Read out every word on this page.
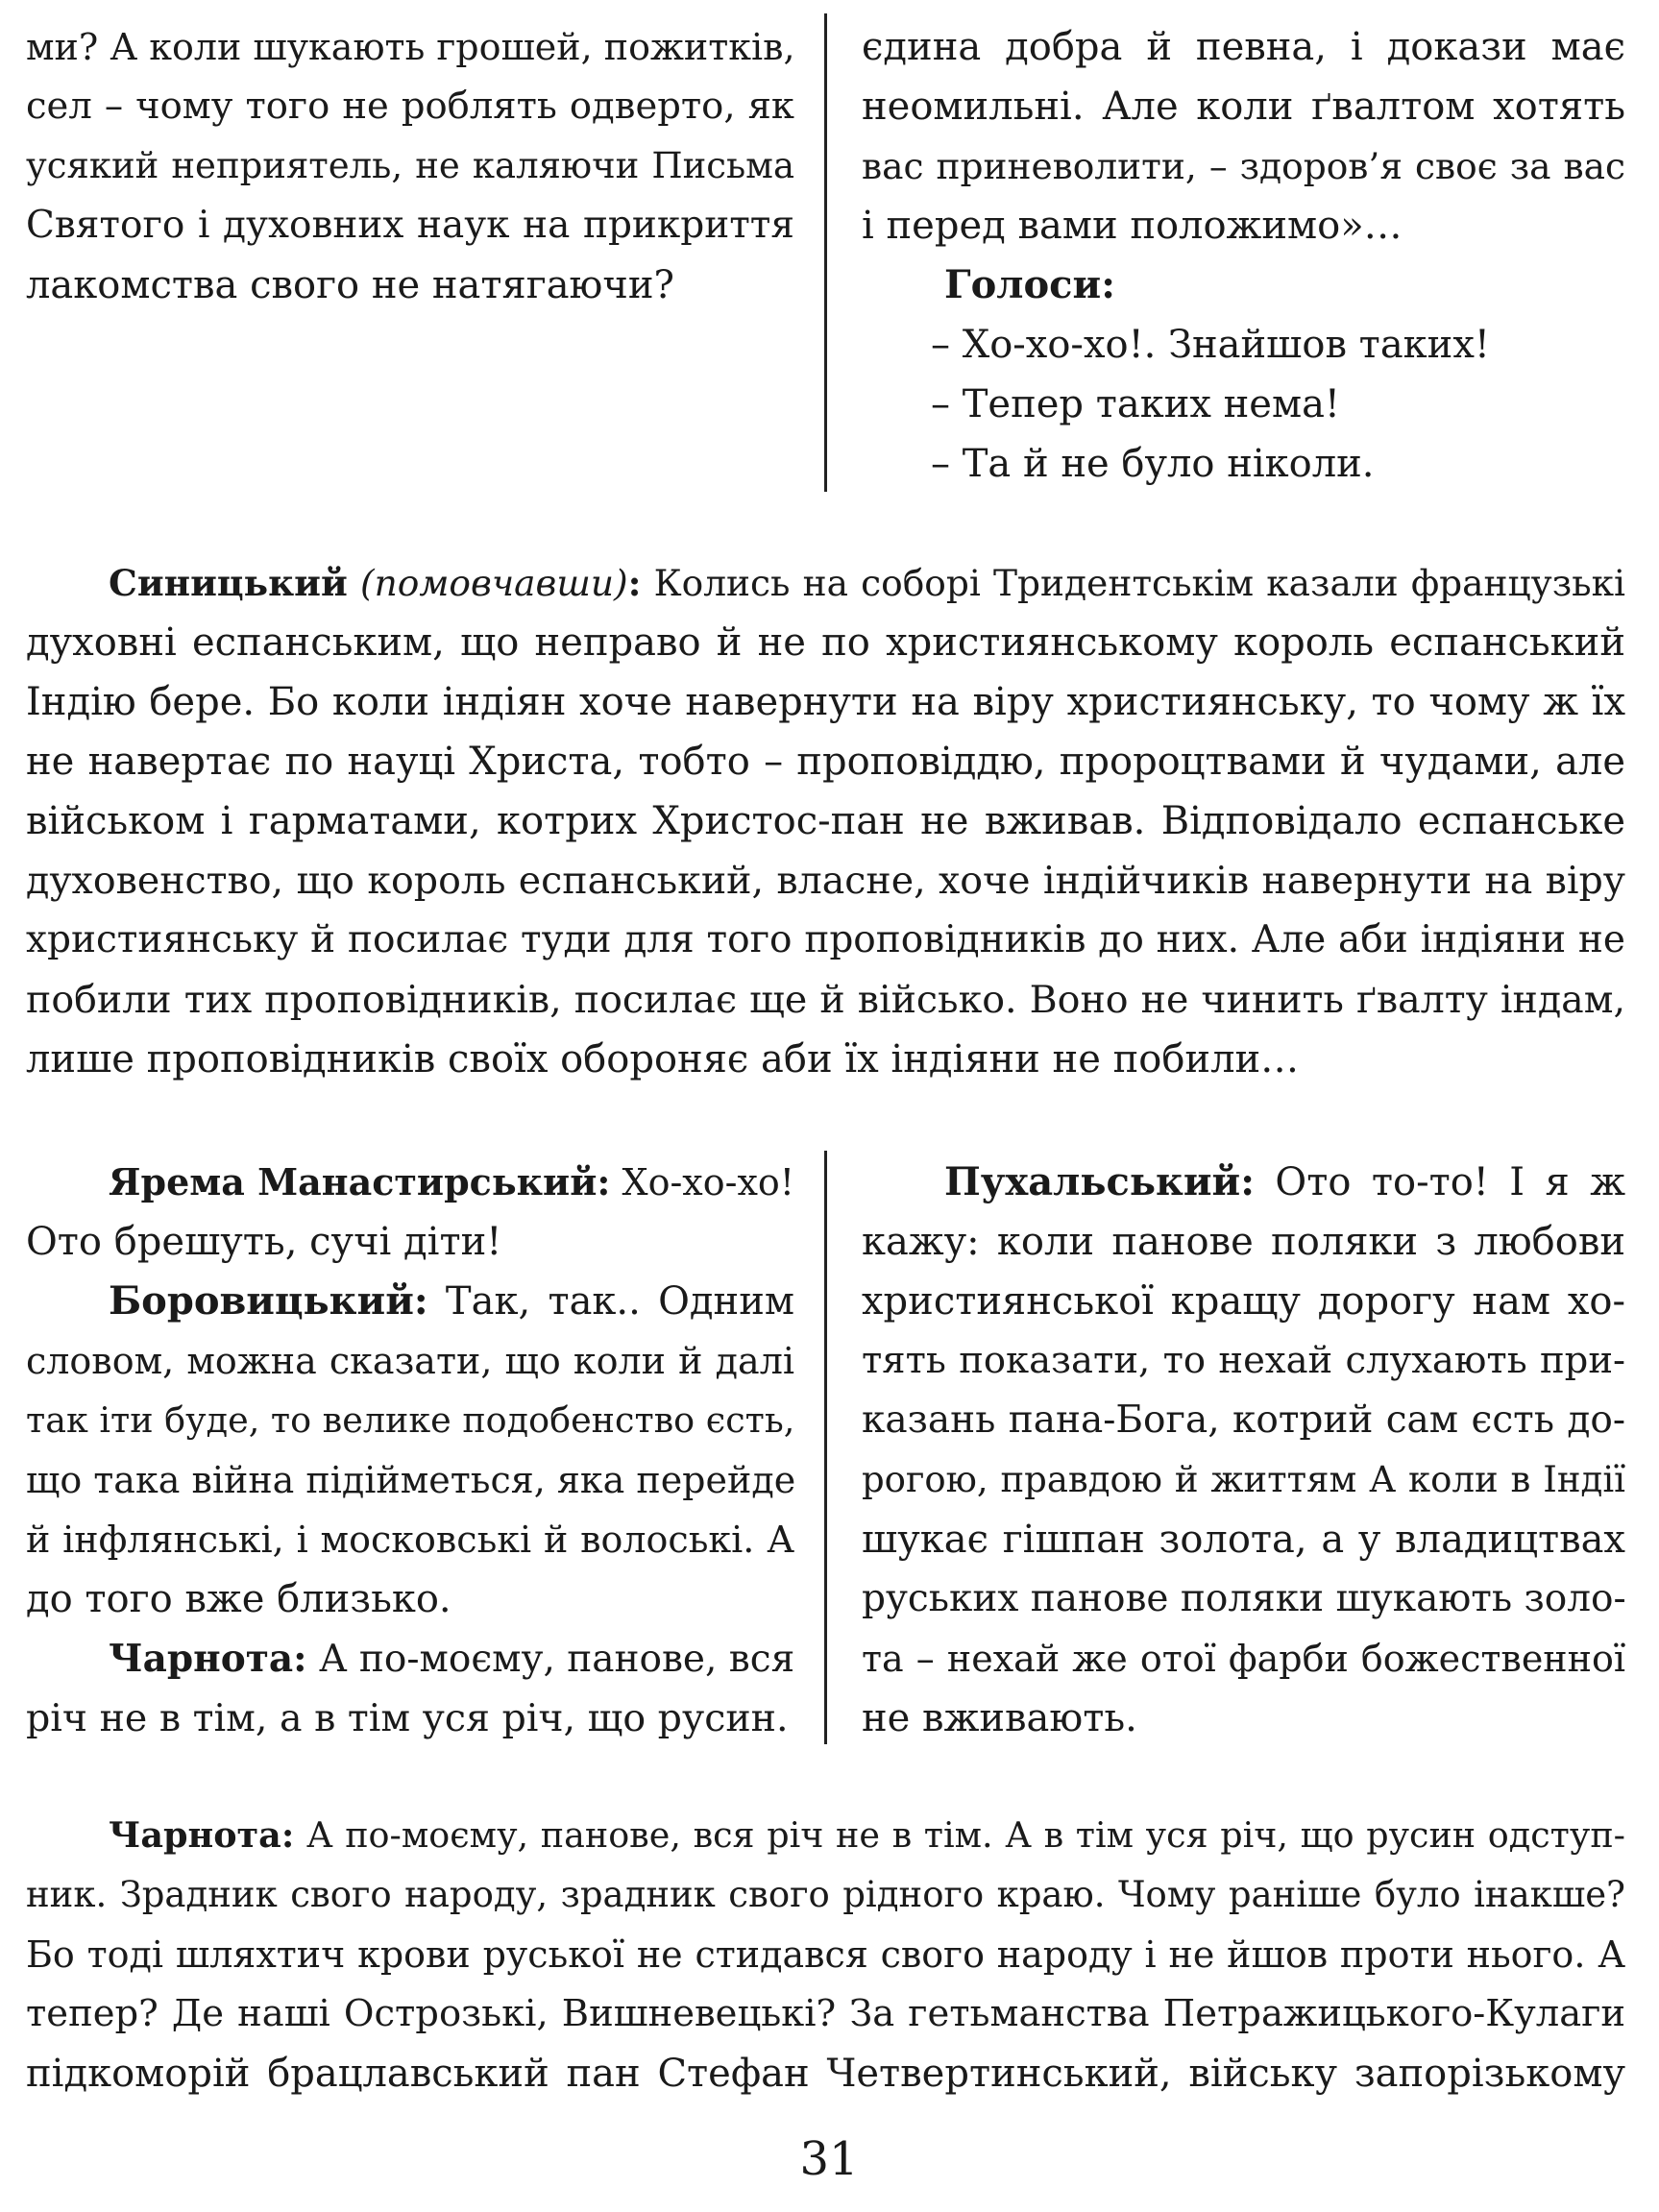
ми? А коли шукають грошей, пожитків,
сел – чому того не роблять одверто, як
усякий неприятель, не каляючи Письма
Святого і духовних наук на прикриття
лакомства свого не натягаючи?
єдина добра й певна, і докази має
неомильні. Але коли ґвалтом хотять
вас приневолити, – здоров’я своє за вас
і перед вами положимо»…
Голоси:
– Хо-хо-хо!. Знайшов таких!
– Тепер таких нема!
– Та й не було ніколи.
Синицький (помовчавши): Колись на соборі Тридентськім казали французькі
духовні еспанським, що неправо й не по християнському король еспанський
Індію бере. Бо коли індіян хоче навернути на віру християнську, то чому ж їх
не навертає по науці Христа, тобто – проповіддю, пророцтвами й чудами, але
військом і гарматами, котрих Христос-пан не вживав. Відповідало еспанське
духовенство, що король еспанський, власне, хоче індійчиків навернути на віру
християнську й посилає туди для того проповідників до них. Але аби індіяни не
побили тих проповідників, посилає ще й військо. Воно не чинить ґвалту індам,
лише проповідників своїх обороняє аби їх індіяни не побили…
Ярема Манастирський: Хо-хо-хо!
Ото брешуть, сучі діти!
Боровицький: Так, так.. Одним
словом, можна сказати, що коли й далі
так іти буде, то велике подобенство єсть,
що така війна підійметься, яка перейде
й інфлянські, і московські й волоські. А
до того вже близько.
Чарнота: А по-моєму, панове, вся
річ не в тім, а в тім уся річ, що русин.
Пухальський: Ото то-то! І я ж
кажу: коли панове поляки з любови
християнської кращу дорогу нам хо-
тять показати, то нехай слухають при-
казань пана-Бога, котрий сам єсть до-
рогою, правдою й життям А коли в Індії
шукає гішпан золота, а у владицтвах
руських панове поляки шукають золо-
та – нехай же отої фарби божественної
не вживають.
Чарнота: А по-моєму, панове, вся річ не в тім. А в тім уся річ, що русин одступ-
ник. Зрадник свого народу, зрадник свого рідного краю. Чому раніше було інакше?
Бо тоді шляхтич крови руської не стидався свого народу і не йшов проти нього. А
тепер? Де наші Острозькі, Вишневецькі? За гетьманства Петражицького-Кулаги
підкоморій брацлавський пан Стефан Четвертинський, війську запорізькому
31
